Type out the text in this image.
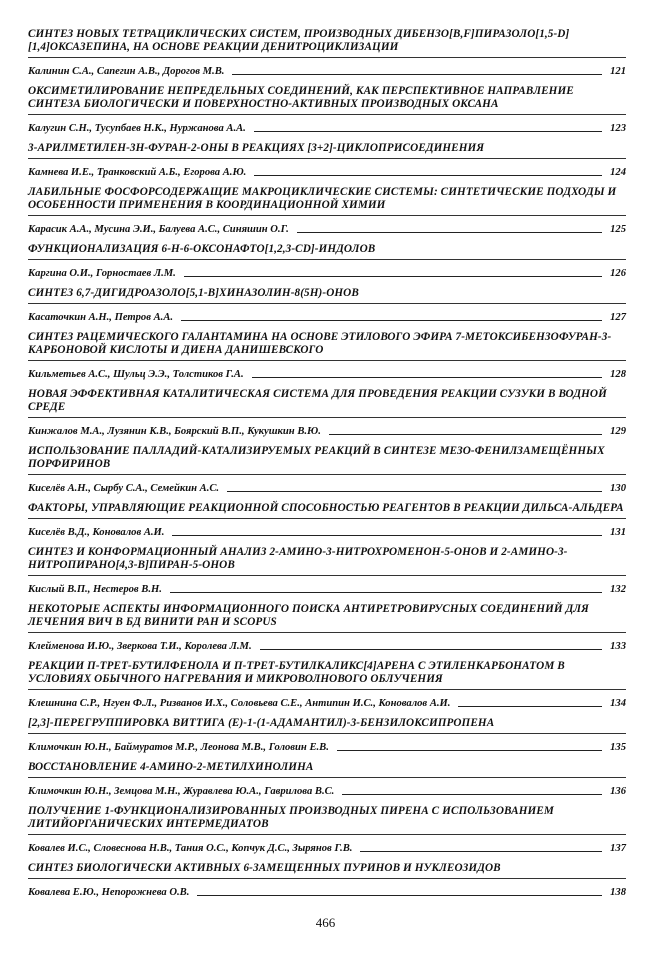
СИНТЕЗ НОВЫХ ТЕТРАЦИКЛИЧЕСКИХ СИСТЕМ, ПРОИЗВОДНЫХ ДИБЕНЗО[B,F]ПИРАЗОЛО[1,5-D][1,4]ОКСАЗЕПИНА, НА ОСНОВЕ РЕАКЦИИ ДЕНИТРОЦИКЛИЗАЦИИ
Калинин С.А., Сапегин А.В., Дорогов М.В.	121
ОКСИМЕТИЛИРОВАНИЕ НЕПРЕДЕЛЬНЫХ СОЕДИНЕНИЙ, КАК ПЕРСПЕКТИВНОЕ НАПРАВЛЕНИЕ СИНТЕЗА БИОЛОГИЧЕСКИ И ПОВЕРХНОСТНО-АКТИВНЫХ ПРОИЗВОДНЫХ ОКСАНА
Калугин С.Н., Тусупбаев Н.К., Нуржанова А.А.	123
3-АРИЛМЕТИЛЕН-3Н-ФУРАН-2-ОНЫ В РЕАКЦИЯХ [3+2]-ЦИКЛОПРИСОЕДИНЕНИЯ
Камнева И.Е., Транковский А.Б., Егорова А.Ю.	124
ЛАБИЛЬНЫЕ ФОСФОРСОДЕРЖАЩИЕ МАКРОЦИКЛИЧЕСКИЕ СИСТЕМЫ: СИНТЕТИЧЕСКИЕ ПОДХОДЫ И ОСОБЕННОСТИ ПРИМЕНЕНИЯ В КООРДИНАЦИОННОЙ ХИМИИ
Карасик А.А., Мусина Э.И., Балуева А.С., Синяшин О.Г.	125
ФУНКЦИОНАЛИЗАЦИЯ 6-Н-6-ОКСОНАФТО[1,2,3-CD]-ИНДОЛОВ
Каргина О.И., Горностаев Л.М.	126
СИНТЕЗ 6,7-ДИГИДРОАЗОЛО[5,1-B]ХИНАЗОЛИН-8(5H)-ОНОВ
Касаточкин А.Н., Петров А.А.	127
СИНТЕЗ РАЦЕМИЧЕСКОГО ГАЛАНТАМИНА НА ОСНОВЕ ЭТИЛОВОГО ЭФИРА 7-МЕТОКСИБЕНЗОФУРАН-3-КАРБОНОВОЙ КИСЛОТЫ И ДИЕНА ДАНИШЕВСКОГО
Кильметьев А.С., Шульц Э.Э., Толстиков Г.А.	128
НОВАЯ ЭФФЕКТИВНАЯ КАТАЛИТИЧЕСКАЯ СИСТЕМА ДЛЯ ПРОВЕДЕНИЯ РЕАКЦИИ СУЗУКИ В ВОДНОЙ СРЕДЕ
Кинжалов М.А., Лузянин К.В., Боярский В.П., Кукушкин В.Ю.	129
ИСПОЛЬЗОВАНИЕ ПАЛЛАДИЙ-КАТАЛИЗИРУЕМЫХ РЕАКЦИЙ В СИНТЕЗЕ МЕЗО-ФЕНИЛЗАМЕЩЁННЫХ ПОРФИРИНОВ
Киселёв А.Н., Сырбу С.А., Семейкин А.С.	130
ФАКТОРЫ, УПРАВЛЯЮЩИЕ РЕАКЦИОННОЙ СПОСОБНОСТЬЮ РЕАГЕНТОВ В РЕАКЦИИ ДИЛЬСА-АЛЬДЕРА
Киселёв В.Д., Коновалов А.И.	131
СИНТЕЗ И КОНФОРМАЦИОННЫЙ АНАЛИЗ 2-АМИНО-3-НИТРОХРОМЕНОН-5-ОНОВ И 2-АМИНО-3-НИТРОПИРАНО[4,3-B]ПИРАН-5-ОНОВ
Кислый В.П., Нестеров В.Н.	132
НЕКОТОРЫЕ АСПЕКТЫ ИНФОРМАЦИОННОГО ПОИСКА АНТИРЕТРОВИРУСНЫХ СОЕДИНЕНИЙ ДЛЯ ЛЕЧЕНИЯ ВИЧ В БД ВИНИТИ РАН И SCOPUS
Клейменова И.Ю., Зверкова Т.И., Королева Л.М.	133
РЕАКЦИИ П-ТРЕТ-БУТИЛФЕНОЛА И П-ТРЕТ-БУТИЛКАЛИКС[4]АРЕНА С ЭТИЛЕНКАРБОНАТОМ В УСЛОВИЯХ ОБЫЧНОГО НАГРЕВАНИЯ И МИКРОВОЛНОВОГО ОБЛУЧЕНИЯ
Клешнина С.Р., Нгуен Ф.Л., Ризванов И.Х., Соловьева С.Е., Антипин И.С., Коновалов А.И.	134
[2,3]-ПЕРЕГРУППИРОВКА ВИТТИГА (Е)-1-(1-АДАМАНТИЛ)-3-БЕНЗИЛОКСИПРОПЕНА
Климочкин Ю.Н., Баймуратов М.Р., Леонова М.В., Головин Е.В.	135
ВОССТАНОВЛЕНИЕ 4-АМИНО-2-МЕТИЛХИНОЛИНА
Климочкин Ю.Н., Земцова М.Н., Журавлева Ю.А., Гаврилова В.С.	136
ПОЛУЧЕНИЕ 1-ФУНКЦИОНАЛИЗИРОВАННЫХ ПРОИЗВОДНЫХ ПИРЕНА С ИСПОЛЬЗОВАНИЕМ ЛИТИЙОРГАНИЧЕСКИХ ИНТЕРМЕДИАТОВ
Ковалев И.С., Словеснова Н.В., Тания О.С., Копчук Д.С., Зырянов Г.В.	137
СИНТЕЗ БИОЛОГИЧЕСКИ АКТИВНЫХ 6-ЗАМЕЩЕННЫХ ПУРИНОВ И НУКЛЕОЗИДОВ
Ковалева Е.Ю., Непорожнева О.В.	138
466
